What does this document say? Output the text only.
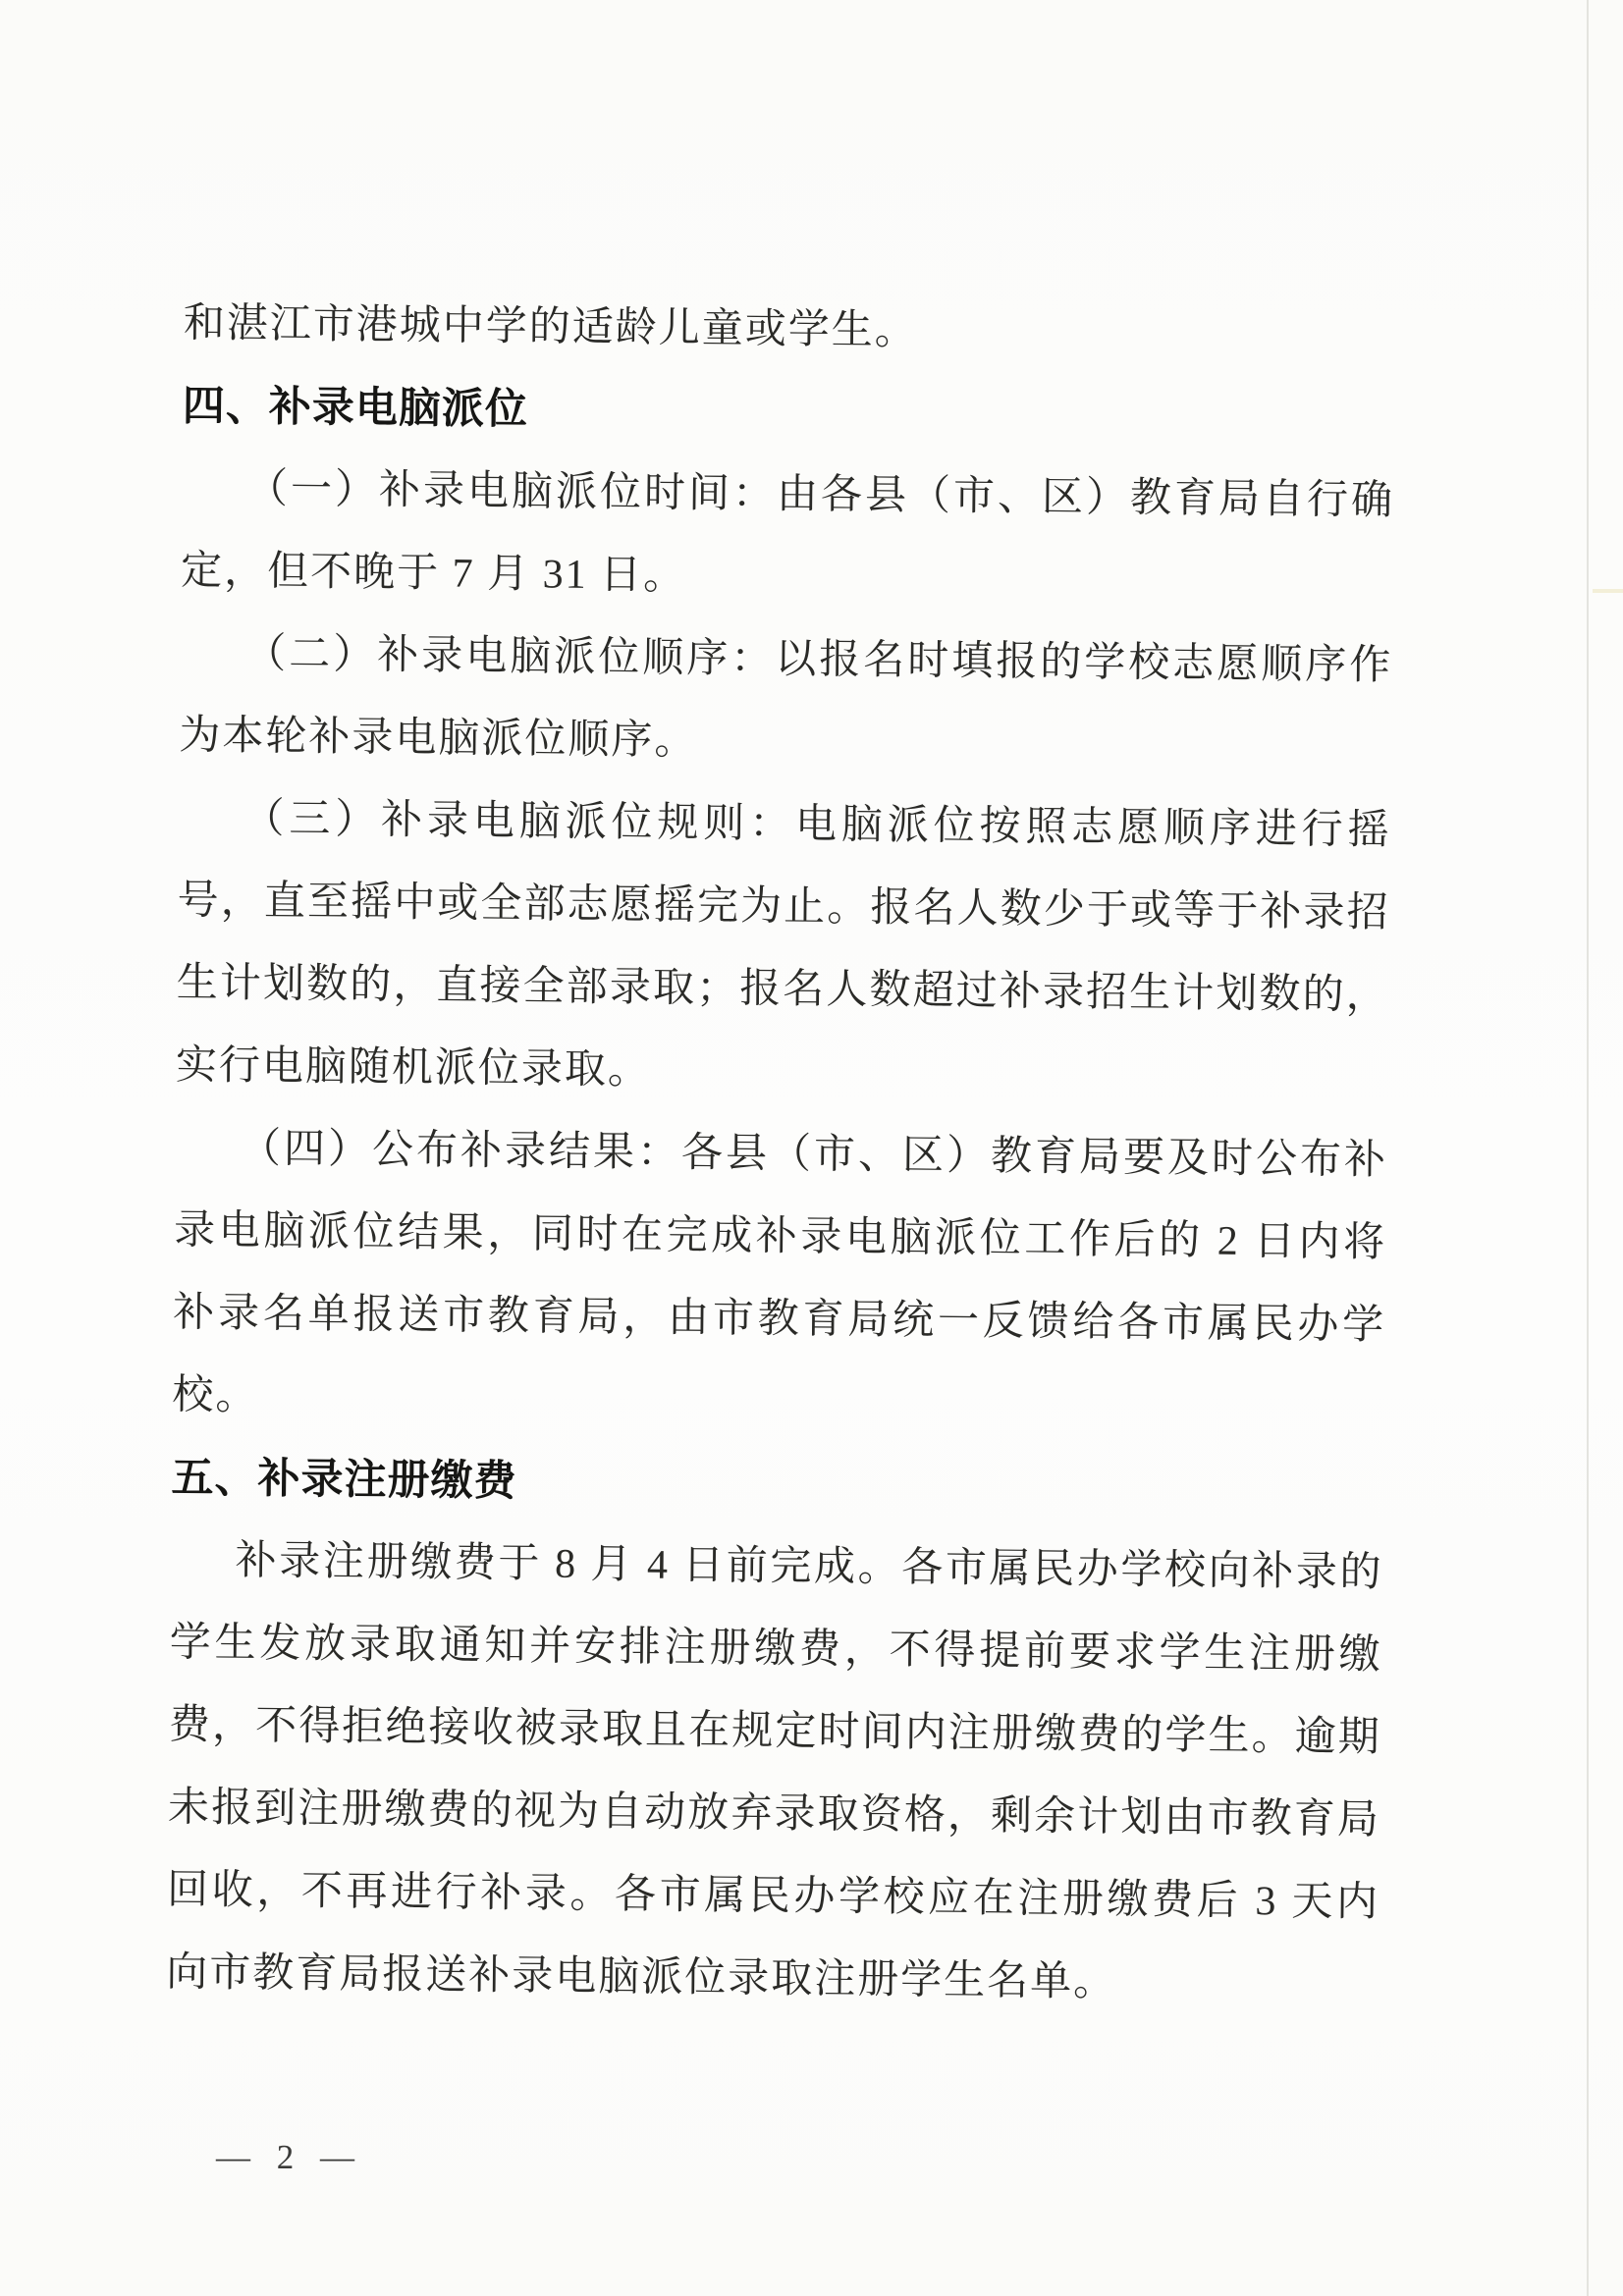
和湛江市港城中学的适龄儿童或学生。

四、补录电脑派位

（一）补录电脑派位时间：由各县（市、区）教育局自行确定，但不晚于 7 月 31 日。

（二）补录电脑派位顺序：以报名时填报的学校志愿顺序作为本轮补录电脑派位顺序。

（三）补录电脑派位规则：电脑派位按照志愿顺序进行摇号，直至摇中或全部志愿摇完为止。报名人数少于或等于补录招生计划数的，直接全部录取；报名人数超过补录招生计划数的，实行电脑随机派位录取。

（四）公布补录结果：各县（市、区）教育局要及时公布补录电脑派位结果，同时在完成补录电脑派位工作后的 2 日内将补录名单报送市教育局，由市教育局统一反馈给各市属民办学校。

五、补录注册缴费

补录注册缴费于 8 月 4 日前完成。各市属民办学校向补录的学生发放录取通知并安排注册缴费，不得提前要求学生注册缴费，不得拒绝接收被录取且在规定时间内注册缴费的学生。逾期未报到注册缴费的视为自动放弃录取资格，剩余计划由市教育局回收，不再进行补录。各市属民办学校应在注册缴费后 3 天内向市教育局报送补录电脑派位录取注册学生名单。

— 2 —
